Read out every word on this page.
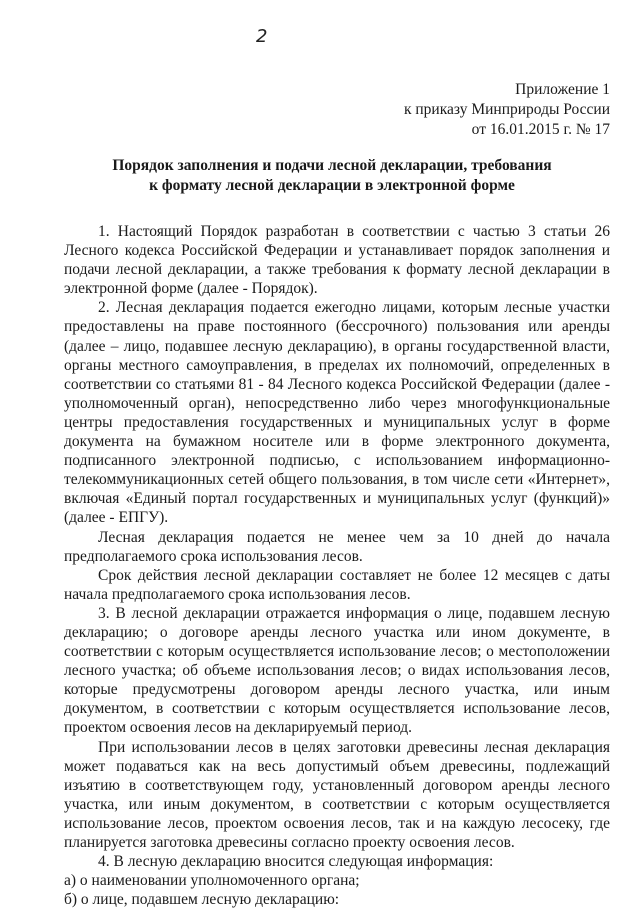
2
Приложение 1
к приказу Минприроды России
от 16.01.2015 г. № 17
Порядок заполнения и подачи лесной декларации, требования
к формату лесной декларации в электронной форме

1. Настоящий Порядок разработан в соответствии с частью 3 статьи 26 Лесного кодекса Российской Федерации и устанавливает порядок заполнения и подачи лесной декларации, а также требования к формату лесной декларации в электронной форме (далее - Порядок).

2. Лесная декларация подается ежегодно лицами, которым лесные участки предоставлены на праве постоянного (бессрочного) пользования или аренды (далее – лицо, подавшее лесную декларацию), в органы государственной власти, органы местного самоуправления, в пределах их полномочий, определенных в соответствии со статьями 81 - 84 Лесного кодекса Российской Федерации (далее - уполномоченный орган), непосредственно либо через многофункциональные центры предоставления государственных и муниципальных услуг в форме документа на бумажном носителе или в форме электронного документа, подписанного электронной подписью, с использованием информационно-телекоммуникационных сетей общего пользования, в том числе сети «Интернет», включая «Единый портал государственных и муниципальных услуг (функций)» (далее - ЕПГУ).

Лесная декларация подается не менее чем за 10 дней до начала предполагаемого срока использования лесов.

Срок действия лесной декларации составляет не более 12 месяцев с даты начала предполагаемого срока использования лесов.

3. В лесной декларации отражается информация о лице, подавшем лесную декларацию; о договоре аренды лесного участка или ином документе, в соответствии с которым осуществляется использование лесов; о местоположении лесного участка; об объеме использования лесов; о видах использования лесов, которые предусмотрены договором аренды лесного участка, или иным документом, в соответствии с которым осуществляется использование лесов, проектом освоения лесов на декларируемый период.

При использовании лесов в целях заготовки древесины лесная декларация может подаваться как на весь допустимый объем древесины, подлежащий изъятию в соответствующем году, установленный договором аренды лесного участка, или иным документом, в соответствии с которым осуществляется использование лесов, проектом освоения лесов, так и на каждую лесосеку, где планируется заготовка древесины согласно проекту освоения лесов.

4. В лесную декларацию вносится следующая информация:

а) о наименовании уполномоченного органа;

б) о лице, подавшем лесную декларацию:
